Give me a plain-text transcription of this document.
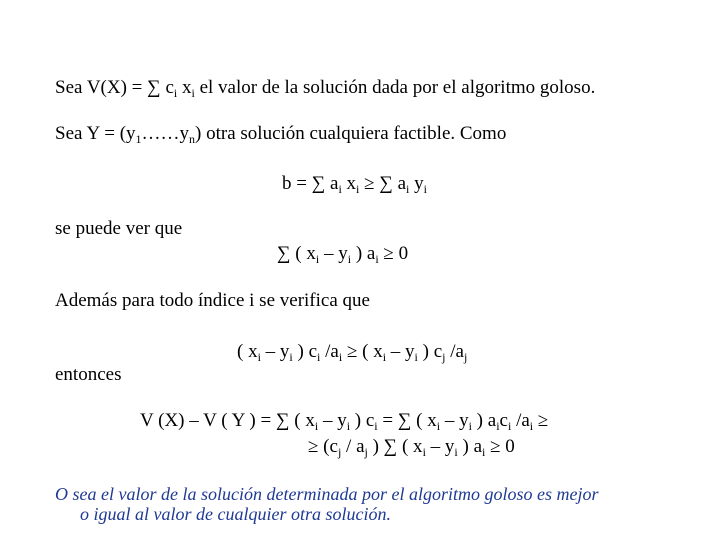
Sea V(X) = ∑ $c_i$ $x_i$ el valor de la solución dada por el algoritmo goloso.
Sea $Y = (y_1\dots\dots y_n)$ otra solución cualquiera factible. Como
b = ∑ $a_i$ $x_i$ ≥ ∑ $a_i$ $y_i$
se puede ver que
∑ ( $x_i - y_i$ ) $a_i \ge 0$
Además para todo índice i se verifica que
( $x_i - y_i$ ) $c_i$ $/a_i$ ≥ ( $x_i - y_i$ ) $c_j$ $/a_j$
entonces
V (X) – V ( Y ) = ∑ ( $x_i - y_i$ ) $c_i$ = ∑ ( $x_i - y_i$ ) $a_ic_i$ $/a_i$ ≥
≥ ($c_j / a_j$ ) ∑ ( $x_i - y_i$ ) $a_i \ge 0$
O sea el valor de la solución determinada por el algoritmo goloso es mejor
o igual al valor de cualquier otra solución.
